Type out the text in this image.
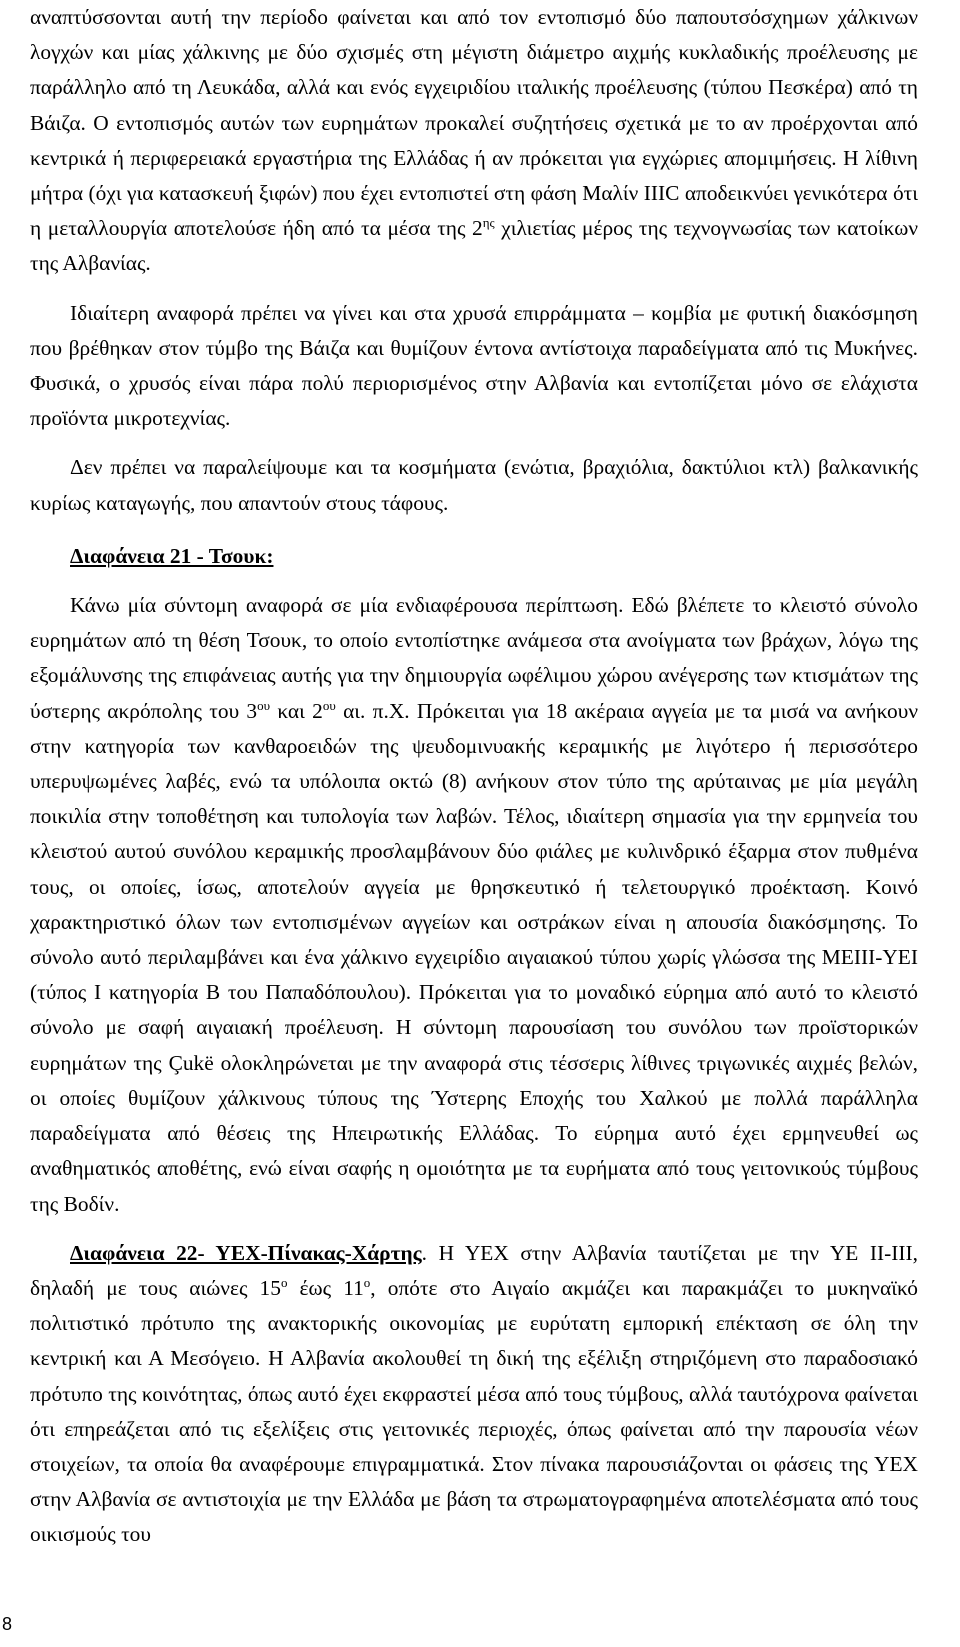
αναπτύσσονται αυτή την περίοδο φαίνεται και από τον εντοπισμό δύο παπουτσόσχημων χάλκινων λογχών και μίας χάλκινης με δύο σχισμές στη μέγιστη διάμετρο αιχμής κυκλαδικής προέλευσης με παράλληλο από τη Λευκάδα, αλλά και ενός εγχειριδίου ιταλικής προέλευσης (τύπου Πεσκέρα) από τη Βάιζα. Ο εντοπισμός αυτών των ευρημάτων προκαλεί συζητήσεις σχετικά με το αν προέρχονται από κεντρικά ή περιφερειακά εργαστήρια της Ελλάδας ή αν πρόκειται για εγχώριες απομιμήσεις. Η λίθινη μήτρα (όχι για κατασκευή ξιφών) που έχει εντοπιστεί στη φάση Μαλίν ΙΙΙC αποδεικνύει γενικότερα ότι η μεταλλουργία αποτελούσε ήδη από τα μέσα της $2^{\eta\varsigma}$ χιλιετίας μέρος της τεχνογνωσίας των κατοίκων της Αλβανίας.

Ιδιαίτερη αναφορά πρέπει να γίνει και στα χρυσά επιρράμματα – κομβία με φυτική διακόσμηση που βρέθηκαν στον τύμβο της Βάιζα και θυμίζουν έντονα αντίστοιχα παραδείγματα από τις Μυκήνες. Φυσικά, ο χρυσός είναι πάρα πολύ περιορισμένος στην Αλβανία και εντοπίζεται μόνο σε ελάχιστα προϊόντα μικροτεχνίας.

Δεν πρέπει να παραλείψουμε και τα κοσμήματα (ενώτια, βραχιόλια, δακτύλιοι κτλ) βαλκανικής κυρίως καταγωγής, που απαντούν στους τάφους.

Διαφάνεια 21 - Τσουκ:

Κάνω μία σύντομη αναφορά σε μία ενδιαφέρουσα περίπτωση. Εδώ βλέπετε το κλειστό σύνολο ευρημάτων από τη θέση Τσουκ, το οποίο εντοπίστηκε ανάμεσα στα ανοίγματα των βράχων, λόγω της εξομάλυνσης της επιφάνειας αυτής για την δημιουργία ωφέλιμου χώρου ανέγερσης των κτισμάτων της ύστερης ακρόπολης του $3^{o\upsilon}$ και $2^{o\upsilon}$ αι. π.Χ. Πρόκειται για 18 ακέραια αγγεία με τα μισά να ανήκουν στην κατηγορία των κανθαροειδών της ψευδομινυακής κεραμικής με λιγότερο ή περισσότερο υπερυψωμένες λαβές, ενώ τα υπόλοιπα οκτώ (8) ανήκουν στον τύπο της αρύταινας με μία μεγάλη ποικιλία στην τοποθέτηση και τυπολογία των λαβών. Τέλος, ιδιαίτερη σημασία για την ερμηνεία του κλειστού αυτού συνόλου κεραμικής προσλαμβάνουν δύο φιάλες με κυλινδρικό έξαρμα στον πυθμένα τους, οι οποίες, ίσως, αποτελούν αγγεία με θρησκευτικό ή τελετουργικό προέκταση. Κοινό χαρακτηριστικό όλων των εντοπισμένων αγγείων και οστράκων είναι η απουσία διακόσμησης. Το σύνολο αυτό περιλαμβάνει και ένα χάλκινο εγχειρίδιο αιγαιακού τύπου χωρίς γλώσσα της ΜΕΙΙΙ-ΥΕΙ (τύπος Ι κατηγορία Β του Παπαδόπουλου). Πρόκειται για το μοναδικό εύρημα από αυτό το κλειστό σύνολο με σαφή αιγαιακή προέλευση. Η σύντομη παρουσίαση του συνόλου των προϊστορικών ευρημάτων της Çukë ολοκληρώνεται με την αναφορά στις τέσσερις λίθινες τριγωνικές αιχμές βελών, οι οποίες θυμίζουν χάλκινους τύπους της Ύστερης Εποχής του Χαλκού με πολλά παράλληλα παραδείγματα από θέσεις της Ηπειρωτικής Ελλάδας. Το εύρημα αυτό έχει ερμηνευθεί ως αναθηματικός αποθέτης, ενώ είναι σαφής η ομοιότητα με τα ευρήματα από τους γειτονικούς τύμβους της Βοδίν.

Διαφάνεια 22- ΥΕΧ-Πίνακας-Χάρτης. Η ΥΕΧ στην Αλβανία ταυτίζεται με την ΥΕ ΙΙ-ΙΙΙ, δηλαδή με τους αιώνες $15^o$ έως $11^o$, οπότε στο Αιγαίο ακμάζει και παρακμάζει το μυκηναϊκό πολιτιστικό πρότυπο της ανακτορικής οικονομίας με ευρύτατη εμπορική επέκταση σε όλη την κεντρική και Α Μεσόγειο. Η Αλβανία ακολουθεί τη δική της εξέλιξη στηριζόμενη στο παραδοσιακό πρότυπο της κοινότητας, όπως αυτό έχει εκφραστεί μέσα από τους τύμβους, αλλά ταυτόχρονα φαίνεται ότι επηρεάζεται από τις εξελίξεις στις γειτονικές περιοχές, όπως φαίνεται από την παρουσία νέων στοιχείων, τα οποία θα αναφέρουμε επιγραμματικά. Στον πίνακα παρουσιάζονται οι φάσεις της ΥΕΧ στην Αλβανία σε αντιστοιχία με την Ελλάδα με βάση τα στρωματογραφημένα αποτελέσματα από τους οικισμούς του

8
